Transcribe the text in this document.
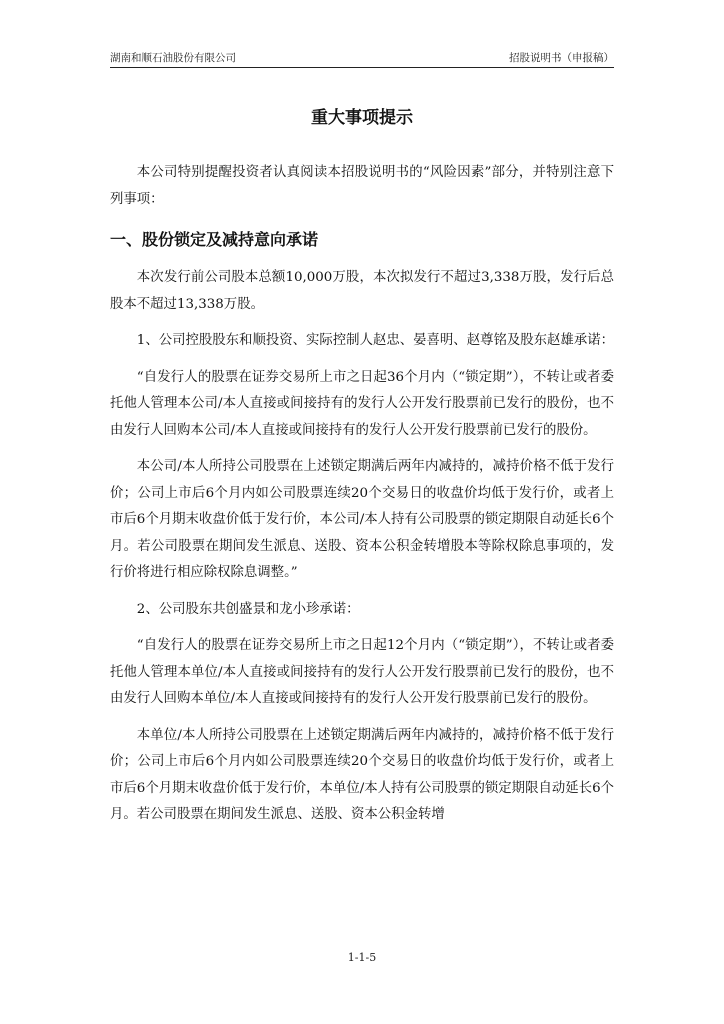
湖南和顺石油股份有限公司	招股说明书（申报稿）
重大事项提示

本公司特别提醒投资者认真阅读本招股说明书的“风险因素”部分，并特别注意下列事项：

一、股份锁定及减持意向承诺

本次发行前公司股本总额10,000万股，本次拟发行不超过3,338万股，发行后总股本不超过13,338万股。

1、公司控股股东和顺投资、实际控制人赵忠、晏喜明、赵尊铭及股东赵雄承诺：

“自发行人的股票在证券交易所上市之日起36个月内（“锁定期”），不转让或者委托他人管理本公司/本人直接或间接持有的发行人公开发行股票前已发行的股份，也不由发行人回购本公司/本人直接或间接持有的发行人公开发行股票前已发行的股份。

本公司/本人所持公司股票在上述锁定期满后两年内减持的，减持价格不低于发行价；公司上市后6个月内如公司股票连续20个交易日的收盘价均低于发行价，或者上市后6个月期末收盘价低于发行价，本公司/本人持有公司股票的锁定期限自动延长6个月。若公司股票在期间发生派息、送股、资本公积金转增股本等除权除息事项的，发行价将进行相应除权除息调整。”

2、公司股东共创盛景和龙小珍承诺：

“自发行人的股票在证券交易所上市之日起12个月内（“锁定期”），不转让或者委托他人管理本单位/本人直接或间接持有的发行人公开发行股票前已发行的股份，也不由发行人回购本单位/本人直接或间接持有的发行人公开发行股票前已发行的股份。

本单位/本人所持公司股票在上述锁定期满后两年内减持的，减持价格不低于发行价；公司上市后6个月内如公司股票连续20个交易日的收盘价均低于发行价，或者上市后6个月期末收盘价低于发行价，本单位/本人持有公司股票的锁定期限自动延长6个月。若公司股票在期间发生派息、送股、资本公积金转增

1-1-5
